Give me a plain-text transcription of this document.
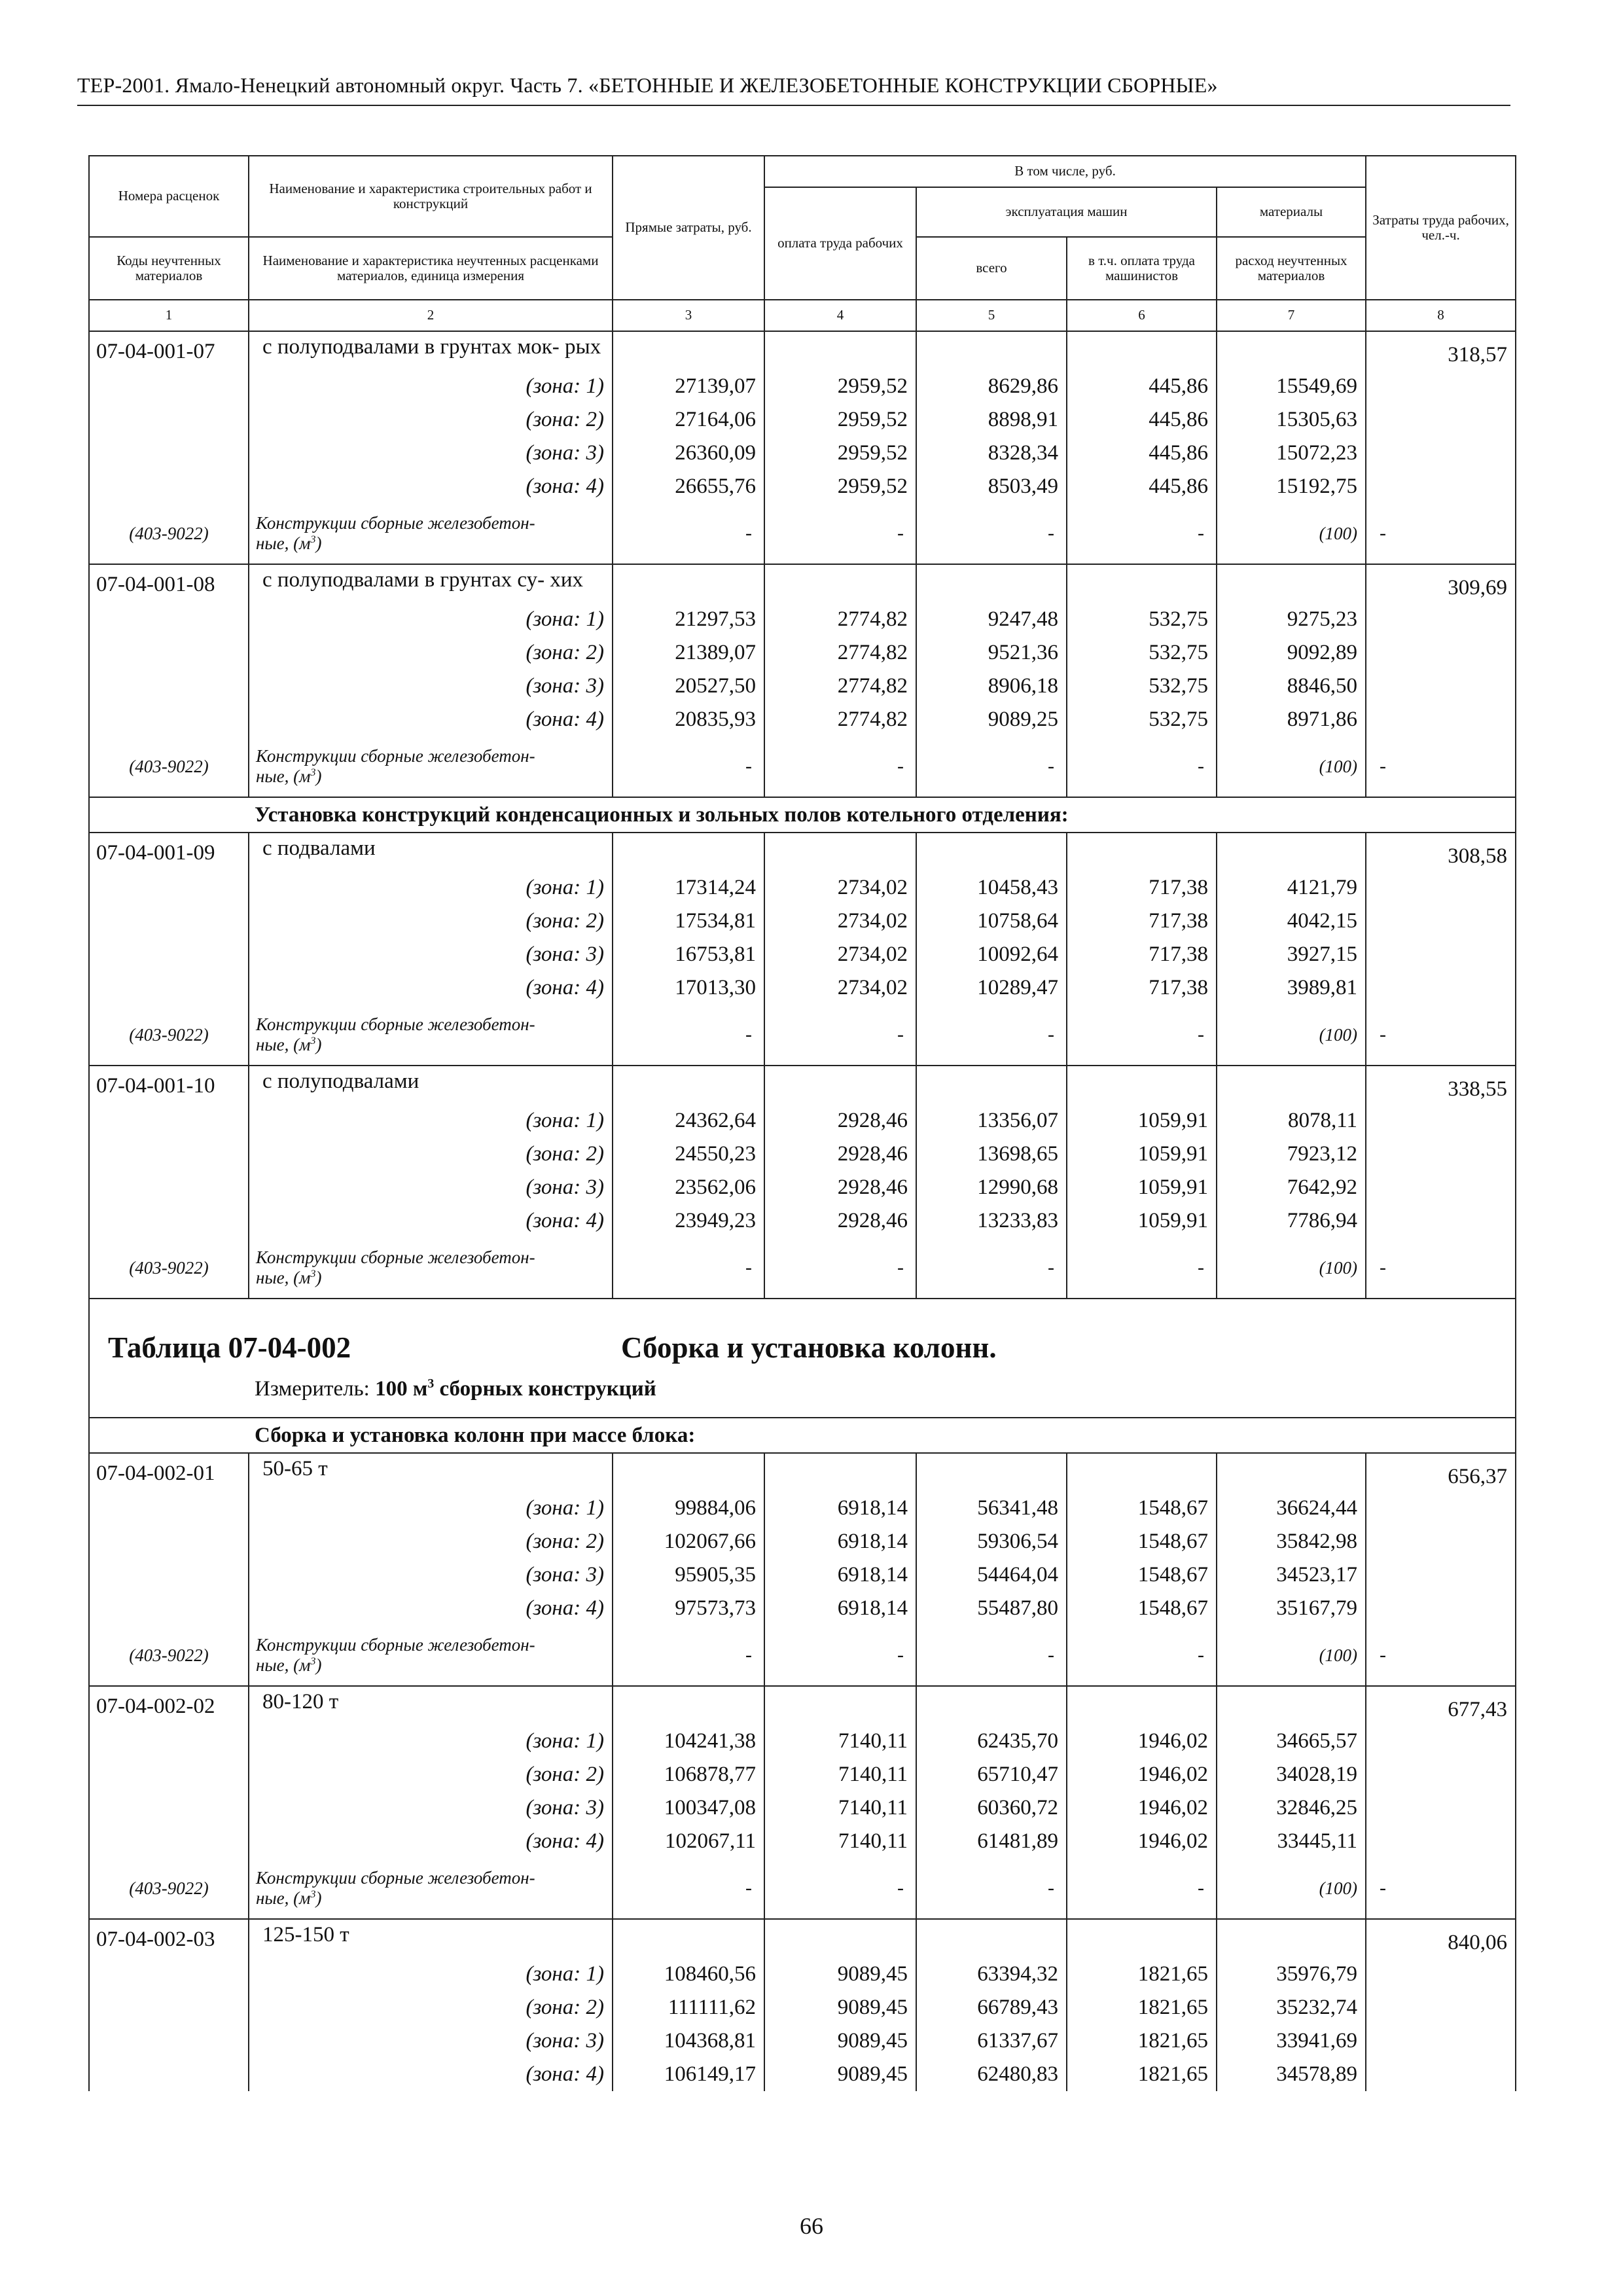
ТЕР-2001. Ямало-Ненецкий автономный округ. Часть 7. «БЕТОННЫЕ И ЖЕЛЕЗОБЕТОННЫЕ КОНСТРУКЦИИ СБОРНЫЕ»
Номера расценок	Наименование и характеристика строительных работ и конструкций	Прямые затраты, руб.	В том числе, руб.				Затраты труда рабочих, чел.-ч.
			оплата труда рабочих	эксплуатация машин		материалы	
Коды неучтенных материалов	Наименование и характеристика неучтенных расценками материалов, единица измерения			всего	в т.ч. оплата труда машинистов	расход неучтенных материалов	
1	2	3	4	5	6	7	8
07-04-001-07	с полуподвалами в грунтах мок- рых						318,57
	(зона: 1)	27139,07	2959,52	8629,86	445,86	15549,69	
	(зона: 2)	27164,06	2959,52	8898,91	445,86	15305,63	
	(зона: 3)	26360,09	2959,52	8328,34	445,86	15072,23	
	(зона: 4)	26655,76	2959,52	8503,49	445,86	15192,75	
(403-9022)	Конструкции сборные железобетон-
ные, $(м^3)$	-	-	-	-	(100)	-
07-04-001-08	с полуподвалами в грунтах су- хих						309,69
	(зона: 1)	21297,53	2774,82	9247,48	532,75	9275,23	
	(зона: 2)	21389,07	2774,82	9521,36	532,75	9092,89	
	(зона: 3)	20527,50	2774,82	8906,18	532,75	8846,50	
	(зона: 4)	20835,93	2774,82	9089,25	532,75	8971,86	
(403-9022)	Конструкции сборные железобетон-
ные, $(м^3)$	-	-	-	-	(100)	-
Установка конструкций конденсационных и зольных полов котельного отделения:							
07-04-001-09	с подвалами						308,58
	(зона: 1)	17314,24	2734,02	10458,43	717,38	4121,79	
	(зона: 2)	17534,81	2734,02	10758,64	717,38	4042,15	
	(зона: 3)	16753,81	2734,02	10092,64	717,38	3927,15	
	(зона: 4)	17013,30	2734,02	10289,47	717,38	3989,81	
(403-9022)	Конструкции сборные железобетон-
ные, $(м^3)$	-	-	-	-	(100)	-
07-04-001-10	с полуподвалами						338,55
	(зона: 1)	24362,64	2928,46	13356,07	1059,91	8078,11	
	(зона: 2)	24550,23	2928,46	13698,65	1059,91	7923,12	
	(зона: 3)	23562,06	2928,46	12990,68	1059,91	7642,92	
	(зона: 4)	23949,23	2928,46	13233,83	1059,91	7786,94	
(403-9022)	Конструкции сборные железобетон-
ные, $(м^3)$	-	-	-	-	(100)	-

Таблица 07-04-002 Сборка и установка колонн.
Измеритель: 100 $м^3$ сборных конструкций							

Сборка и установка колонн при массе блока:							
07-04-002-01	50-65 т						656,37
	(зона: 1)	99884,06	6918,14	56341,48	1548,67	36624,44	
	(зона: 2)	102067,66	6918,14	59306,54	1548,67	35842,98	
	(зона: 3)	95905,35	6918,14	54464,04	1548,67	34523,17	
	(зона: 4)	97573,73	6918,14	55487,80	1548,67	35167,79	
(403-9022)	Конструкции сборные железобетон-
ные, $(м^3)$	-	-	-	-	(100)	-
07-04-002-02	80-120 т						677,43
	(зона: 1)	104241,38	7140,11	62435,70	1946,02	34665,57	
	(зона: 2)	106878,77	7140,11	65710,47	1946,02	34028,19	
	(зона: 3)	100347,08	7140,11	60360,72	1946,02	32846,25	
	(зона: 4)	102067,11	7140,11	61481,89	1946,02	33445,11	
(403-9022)	Конструкции сборные железобетон-
ные, $(м^3)$	-	-	-	-	(100)	-
07-04-002-03	125-150 т						840,06
	(зона: 1)	108460,56	9089,45	63394,32	1821,65	35976,79	
	(зона: 2)	111111,62	9089,45	66789,43	1821,65	35232,74	
	(зона: 3)	104368,81	9089,45	61337,67	1821,65	33941,69	
	(зона: 4)	106149,17	9089,45	62480,83	1821,65	34578,89	
66
